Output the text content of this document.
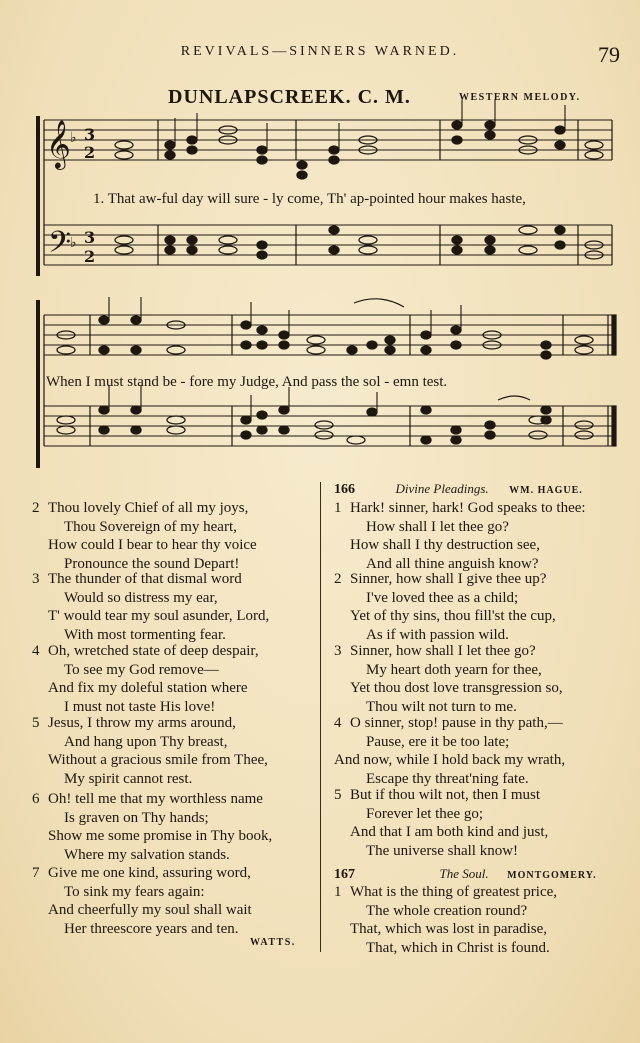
REVIVALS—SINNERS WARNED.	79
DUNLAPSCREEK. C. M.	WESTERN MELODY.
𝄞 ♭ 3
2
𝄢
♭ 3
2
1. That aw-ful day will sure - ly come, Th' ap-pointed hour makes haste,
When I must stand be - fore my Judge, And pass the sol - emn test.
2 Thou lovely Chief of all my joys,
Thou Sovereign of my heart,
How could I bear to hear thy voice
Pronounce the sound Depart!
3 The thunder of that dismal word
Would so distress my ear,
T' would tear my soul asunder, Lord,
With most tormenting fear.
4 Oh, wretched state of deep despair,
To see my God remove—
And fix my doleful station where
I must not taste His love!
5 Jesus, I throw my arms around,
And hang upon Thy breast,
Without a gracious smile from Thee,
My spirit cannot rest.
6 Oh! tell me that my worthless name
Is graven on Thy hands;
Show me some promise in Thy book,
Where my salvation stands.
7 Give me one kind, assuring word,
To sink my fears again:
And cheerfully my soul shall wait
Her threescore years and ten.
WATTS.
166	Divine Pleadings. WM. HAGUE.
1 Hark! sinner, hark! God speaks to thee:
How shall I let thee go?
How shall I thy destruction see,
And all thine anguish know?
2 Sinner, how shall I give thee up?
I've loved thee as a child;
Yet of thy sins, thou fill'st the cup,
As if with passion wild.
3 Sinner, how shall I let thee go?
My heart doth yearn for thee,
Yet thou dost love transgression so,
Thou wilt not turn to me.
4 O sinner, stop! pause in thy path,—
Pause, ere it be too late;
And now, while I hold back my wrath,
Escape thy threat'ning fate.
5 But if thou wilt not, then I must
Forever let thee go;
And that I am both kind and just,
The universe shall know!
167	The Soul. MONTGOMERY.
1 What is the thing of greatest price,
The whole creation round?
That, which was lost in paradise,
That, which in Christ is found.
